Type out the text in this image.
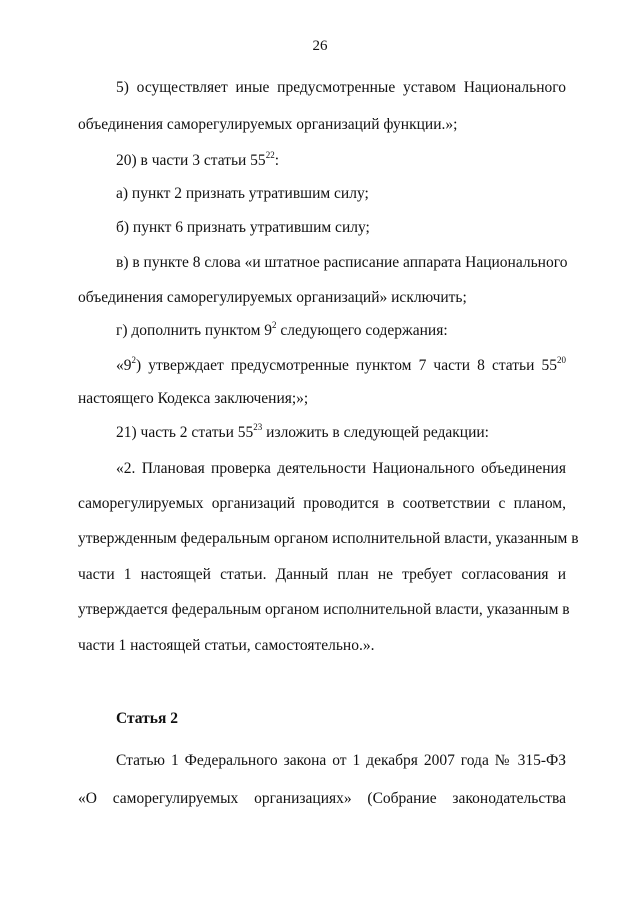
26
5) осуществляет иные предусмотренные уставом Национального
объединения саморегулируемых организаций функции.»;
20) в части 3 статьи $55^{22}$:
а) пункт 2 признать утратившим силу;
б) пункт 6 признать утратившим силу;
в) в пункте 8 слова «и штатное расписание аппарата Национального
объединения саморегулируемых организаций» исключить;
г) дополнить пунктом $9^2$ следующего содержания:
«$9^2$) утверждает предусмотренные пунктом 7 части 8 статьи $55^{20}$
настоящего Кодекса заключения;»;
21) часть 2 статьи $55^{23}$ изложить в следующей редакции:
«2. Плановая проверка деятельности Национального объединения
саморегулируемых организаций проводится в соответствии с планом,
утвержденным федеральным органом исполнительной власти, указанным в
части 1 настоящей статьи. Данный план не требует согласования и
утверждается федеральным органом исполнительной власти, указанным в
части 1 настоящей статьи, самостоятельно.».
Статья 2
Статью 1 Федерального закона от 1 декабря 2007 года № 315-ФЗ
«О саморегулируемых организациях» (Собрание законодательства
